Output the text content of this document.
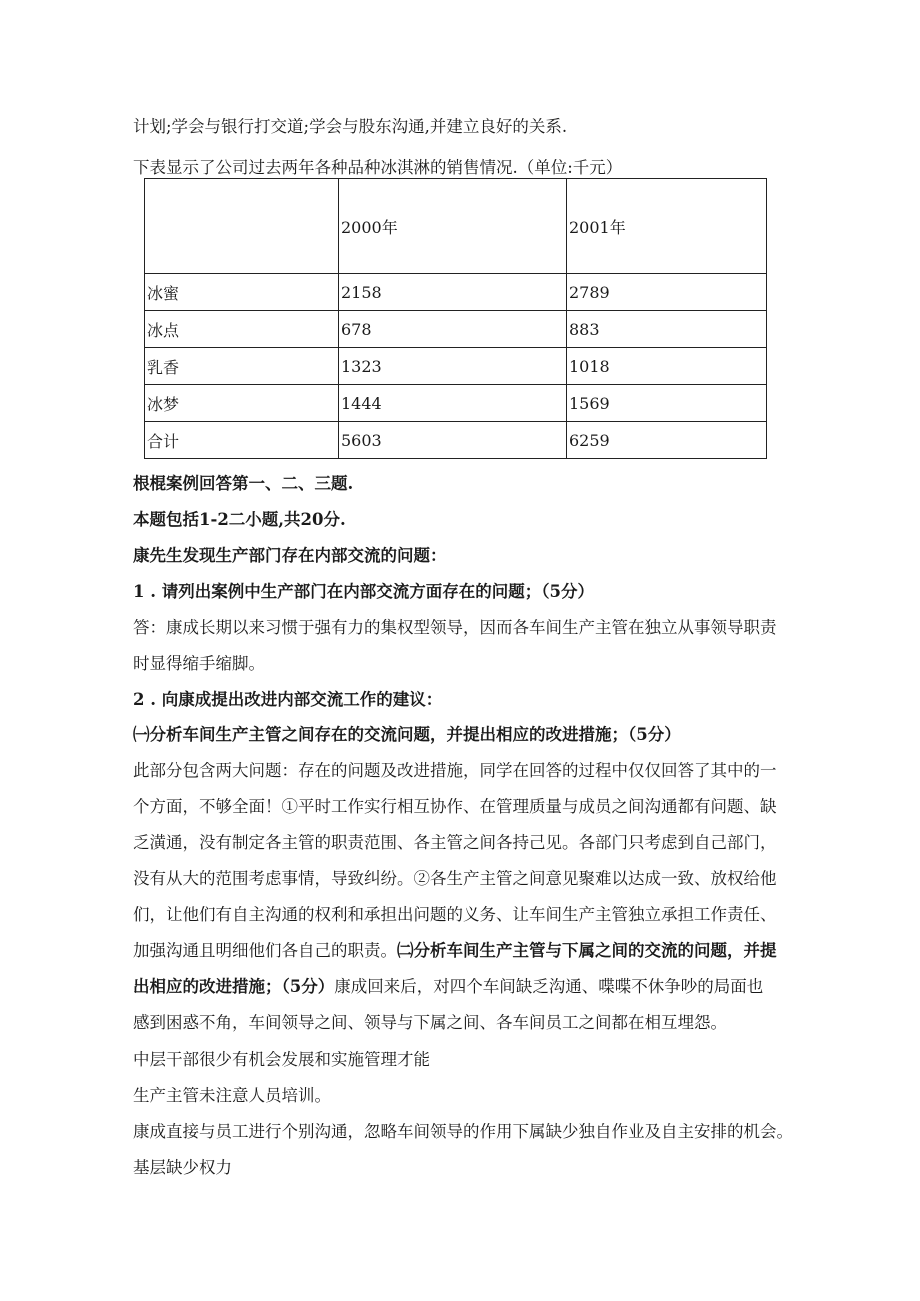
计划;学会与银行打交道;学会与股东沟通,并建立良好的关系.
下表显示了公司过去两年各种品种冰淇淋的销售情况.（单位:千元）
	2000年	2001年
冰蜜	2158	2789
冰点	678	883
乳香	1323	1018
冰梦	1444	1569
合计	5603	6259
根棍案例回答第一、二、三题.
本题包括1-2二小题,共20分.
康先生发现生产部门存在内部交流的问题：
1 . 请列出案例中生产部门在内部交流方面存在的问题；（5分）
答：康成长期以来习惯于强有力的集权型领导，因而各车间生产主管在独立从事领导职责
时显得缩手缩脚。
2 . 向康成提出改进内部交流工作的建议：
㈠分析车间生产主管之间存在的交流问题，并提出相应的改进措施；（5分）
此部分包含两大问题：存在的问题及改进措施，同学在回答的过程中仅仅回答了其中的一
个方面，不够全面！①平时工作实行相互协作、在管理质量与成员之间沟通都有问题、缺
乏潢通，没有制定各主管的职责范围、各主管之间各持己见。各部门只考虑到自己部门，
没有从大的范围考虑事情，导致纠纷。②各生产主管之间意见聚难以达成一致、放权给他
们，让他们有自主沟通的权利和承担出问题的义务、让车间生产主管独立承担工作责任、
加强沟通且明细他们各自己的职责。㈡分析车间生产主管与下属之间的交流的问题，并提
出相应的改进措施；（5分）康成回来后，对四个车间缺乏沟通、喋喋不休争吵的局面也
感到困惑不角，车间领导之间、领导与下属之间、各车间员工之间都在相互埋怨。
中层干部很少有机会发展和实施管理才能
生产主管未注意人员培训。
康成直接与员工进行个别沟通，忽略车间领导的作用下属缺少独自作业及自主安排的机会。
基层缺少权力
